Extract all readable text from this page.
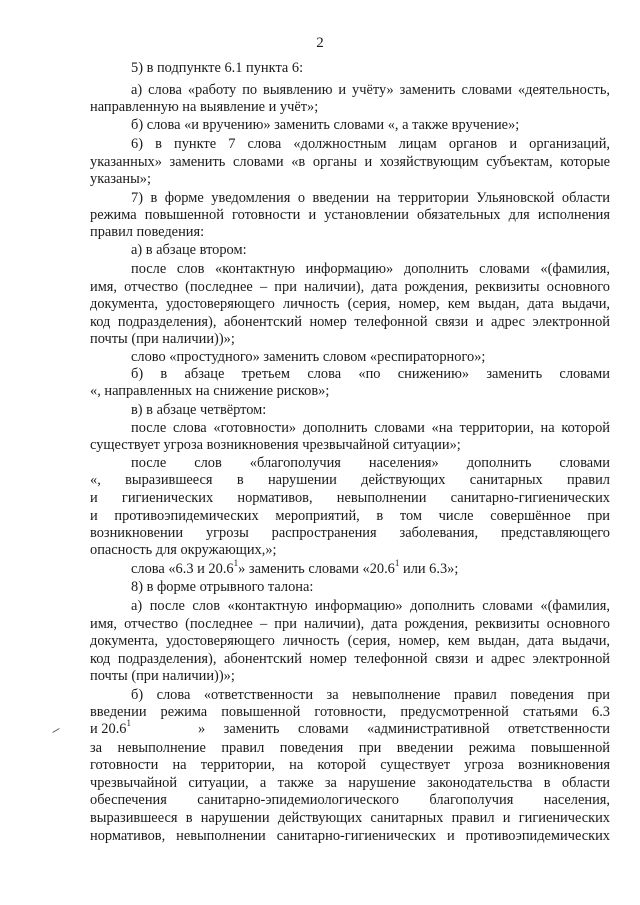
2
5) в подпункте 6.1 пункта 6:
а) слова «работу по выявлению и учёту» заменить словами «деятельность,
направленную на выявление и учёт»;
б) слова «и вручению» заменить словами «, а также вручение»;
6) в пункте 7 слова «должностным лицам органов и организаций,
указанных» заменить словами «в органы и хозяйствующим субъектам, которые
указаны»;
7) в форме уведомления о введении на территории Ульяновской области
режима повышенной готовности и установлении обязательных для исполнения
правил поведения:
а) в абзаце втором:
после слов «контактную информацию» дополнить словами «(фамилия,
имя, отчество (последнее – при наличии), дата рождения, реквизиты основного
документа, удостоверяющего личность (серия, номер, кем выдан, дата выдачи,
код подразделения), абонентский номер телефонной связи и адрес электронной
почты (при наличии))»;
слово «простудного» заменить словом «респираторного»;
б) в абзаце третьем слова «по снижению» заменить словами
«, направленных на снижение рисков»;
в) в абзаце четвёртом:
после слова «готовности» дополнить словами «на территории, на которой
существует угроза возникновения чрезвычайной ситуации»;
после слов «благополучия населения» дополнить словами
«, выразившееся в нарушении действующих санитарных правил
и гигиенических нормативов, невыполнении санитарно-гигиенических
и противоэпидемических мероприятий, в том числе совершённое при
возникновении угрозы распространения заболевания, представляющего
опасность для окружающих,»;
слова «6.3 и 20.6$^1$» заменить словами «20.6$^1$ или 6.3»;
8) в форме отрывного талона:
а) после слов «контактную информацию» дополнить словами «(фамилия,
имя, отчество (последнее – при наличии), дата рождения, реквизиты основного
документа, удостоверяющего личность (серия, номер, кем выдан, дата выдачи,
код подразделения), абонентский номер телефонной связи и адрес электронной
почты (при наличии))»;
б) слова «ответственности за невыполнение правил поведения при
введении режима повышенной готовности, предусмотренной статьями 6.3
и 20.6$^1$	» заменить словами «административной ответственности
за невыполнение правил поведения при введении режима повышенной
готовности на территории, на которой существует угроза возникновения
чрезвычайной ситуации, а также за нарушение законодательства в области
обеспечения санитарно-эпидемиологического благополучия населения,
выразившееся в нарушении действующих санитарных правил и гигиенических
нормативов, невыполнении санитарно-гигиенических и противоэпидемических
